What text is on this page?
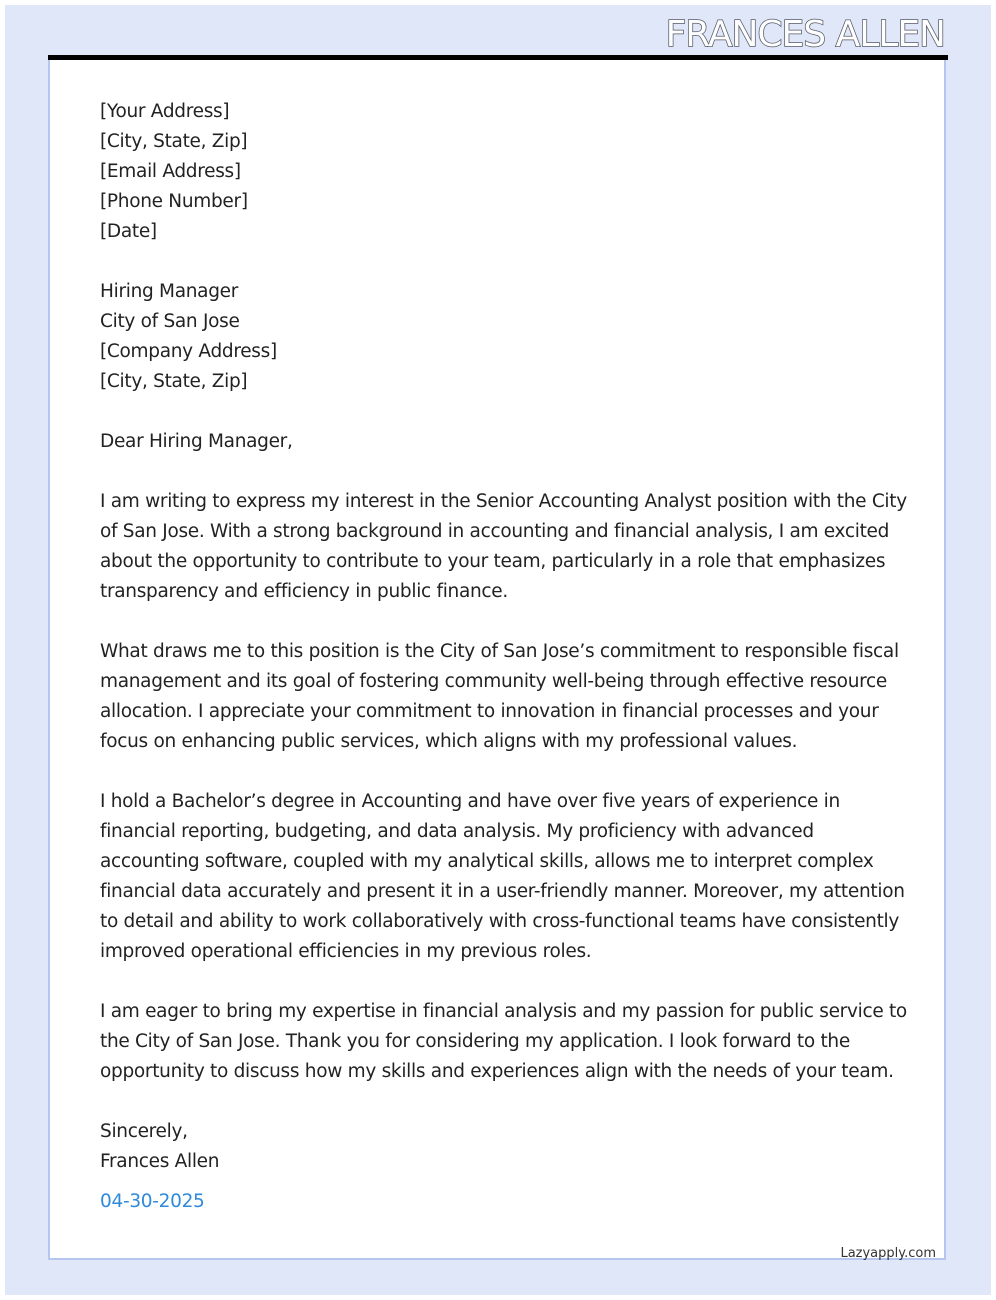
FRANCES ALLEN
[Your Address]
[City, State, Zip]
[Email Address]
[Phone Number]
[Date]
Hiring Manager
City of San Jose
[Company Address]
[City, State, Zip]
Dear Hiring Manager,

I am writing to express my interest in the Senior Accounting Analyst position with the City
of San Jose. With a strong background in accounting and financial analysis, I am excited
about the opportunity to contribute to your team, particularly in a role that emphasizes
transparency and efficiency in public finance.

What draws me to this position is the City of San Jose’s commitment to responsible fiscal
management and its goal of fostering community well-being through effective resource
allocation. I appreciate your commitment to innovation in financial processes and your
focus on enhancing public services, which aligns with my professional values.

I hold a Bachelor’s degree in Accounting and have over five years of experience in
financial reporting, budgeting, and data analysis. My proficiency with advanced
accounting software, coupled with my analytical skills, allows me to interpret complex
financial data accurately and present it in a user-friendly manner. Moreover, my attention
to detail and ability to work collaboratively with cross-functional teams have consistently
improved operational efficiencies in my previous roles.

I am eager to bring my expertise in financial analysis and my passion for public service to
the City of San Jose. Thank you for considering my application. I look forward to the
opportunity to discuss how my skills and experiences align with the needs of your team.

Sincerely,
Frances Allen
04-30-2025
Lazyapply.com
